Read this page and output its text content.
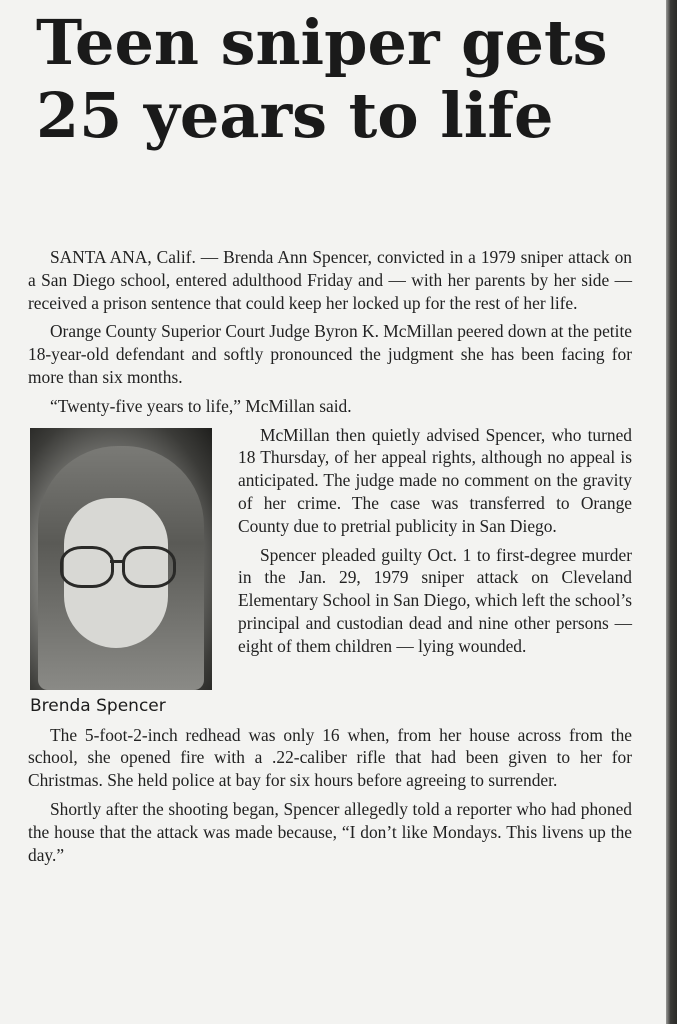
Teen sniper gets
25 years to life

SANTA ANA, Calif. — Brenda Ann Spencer, convicted in a 1979 sniper attack on a San Diego school, entered adulthood Friday and — with her parents by her side — received a prison sentence that could keep her locked up for the rest of her life.

Orange County Superior Court Judge Byron K. McMillan peered down at the petite 18-year-old defendant and softly pronounced the judgment she has been facing for more than six months.

“Twenty-five years to life,” McMillan said.

Brenda Spencer

McMillan then quietly advised Spencer, who turned 18 Thursday, of her appeal rights, although no appeal is anticipated. The judge made no comment on the gravity of her crime. The case was transferred to Orange County due to pretrial publicity in San Diego.

Spencer pleaded guilty Oct. 1 to first-degree murder in the Jan. 29, 1979 sniper attack on Cleveland Elementary School in San Diego, which left the school’s principal and custodian dead and nine other persons — eight of them children — lying wounded.

The 5-foot-2-inch redhead was only 16 when, from her house across from the school, she opened fire with a .22-caliber rifle that had been given to her for Christmas. She held police at bay for six hours before agreeing to surrender.

Shortly after the shooting began, Spencer allegedly told a reporter who had phoned the house that the attack was made because, “I don’t like Mondays. This livens up the day.”
